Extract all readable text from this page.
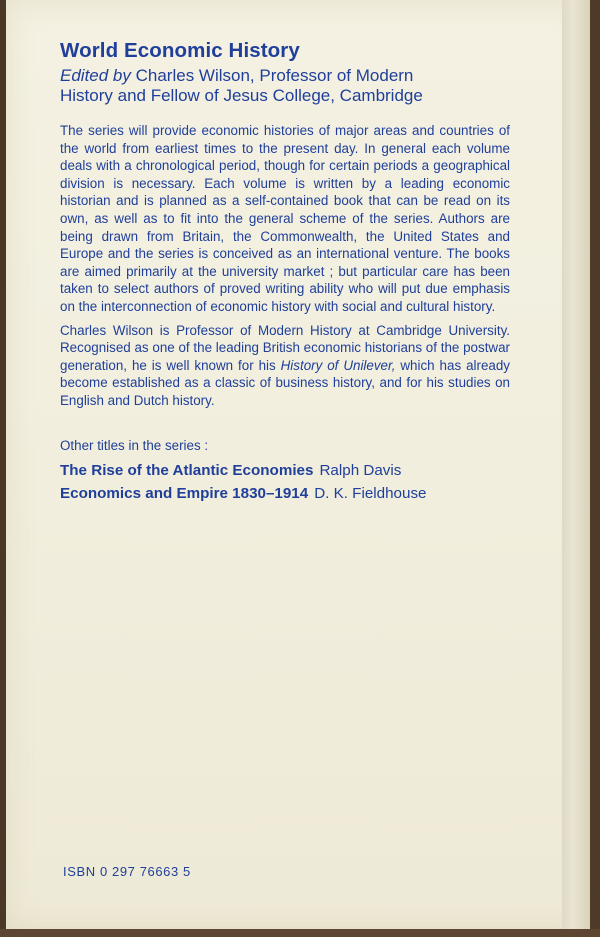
World Economic History

Edited by Charles Wilson, Professor of Modern
History and Fellow of Jesus College, Cambridge

The series will provide economic histories of major areas and countries of the world from earliest times to the present day. In general each volume deals with a chronological period, though for certain periods a geographical division is necessary. Each volume is written by a leading economic historian and is planned as a self-contained book that can be read on its own, as well as to fit into the general scheme of the series. Authors are being drawn from Britain, the Commonwealth, the United States and Europe and the series is conceived as an international venture. The books are aimed primarily at the university market ; but particular care has been taken to select authors of proved writing ability who will put due emphasis on the interconnection of economic history with social and cultural history.

Charles Wilson is Professor of Modern History at Cambridge University. Recognised as one of the leading British economic historians of the postwar generation, he is well known for his History of Unilever, which has already become established as a classic of business history, and for his studies on English and Dutch history.

Other titles in the series :

The Rise of the Atlantic Economies Ralph Davis
Economics and Empire 1830–1914 D. K. Fieldhouse
ISBN 0 297 76663 5
